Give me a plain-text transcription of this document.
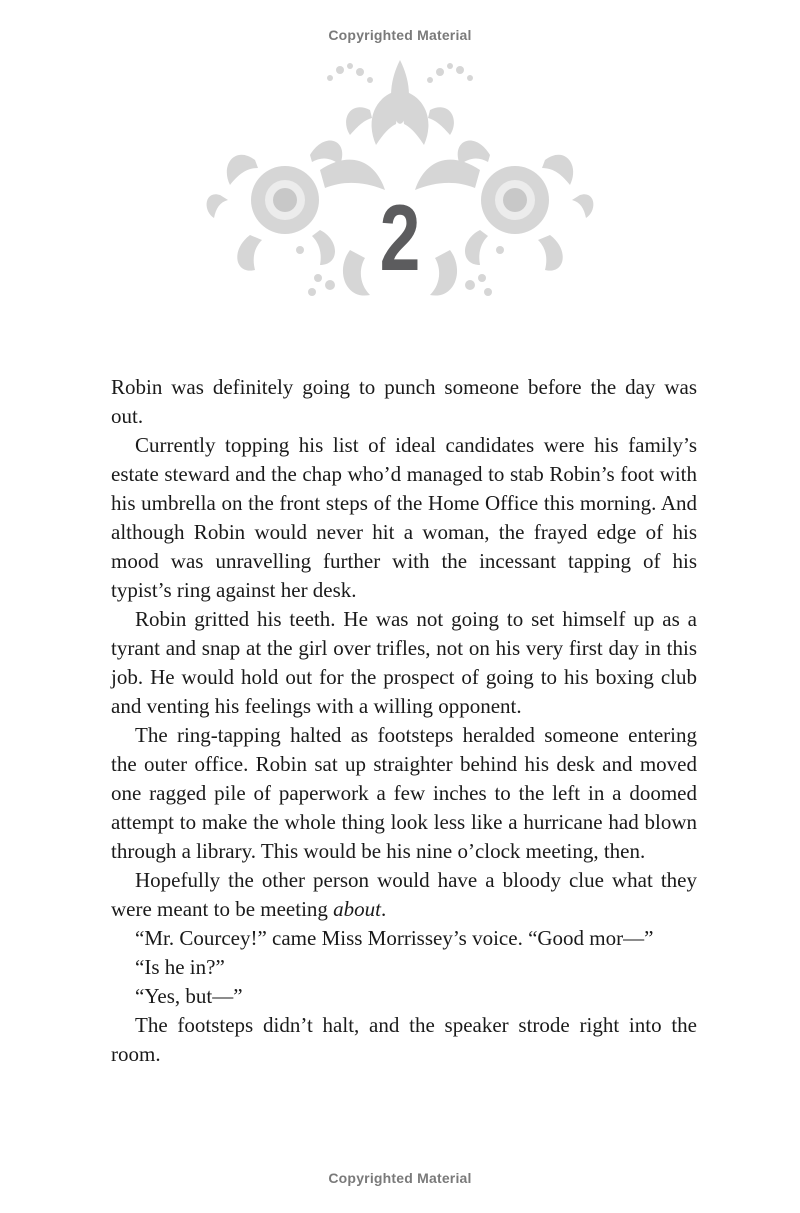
Copyrighted Material
2

Robin was definitely going to punch someone before the day was out.

Currently topping his list of ideal candidates were his family’s estate steward and the chap who’d managed to stab Robin’s foot with his umbrella on the front steps of the Home Office this morning. And although Robin would never hit a woman, the frayed edge of his mood was unravelling further with the incessant tapping of his typist’s ring against her desk.

Robin gritted his teeth. He was not going to set himself up as a tyrant and snap at the girl over trifles, not on his very first day in this job. He would hold out for the prospect of going to his boxing club and venting his feelings with a willing opponent.

The ring-tapping halted as footsteps heralded someone entering the outer office. Robin sat up straighter behind his desk and moved one ragged pile of paperwork a few inches to the left in a doomed attempt to make the whole thing look less like a hurricane had blown through a library. This would be his nine o’clock meeting, then.

Hopefully the other person would have a bloody clue what they were meant to be meeting about.

“Mr. Courcey!” came Miss Morrissey’s voice. “Good mor—”

“Is he in?”

“Yes, but—”

The footsteps didn’t halt, and the speaker strode right into the room.

Copyrighted Material
